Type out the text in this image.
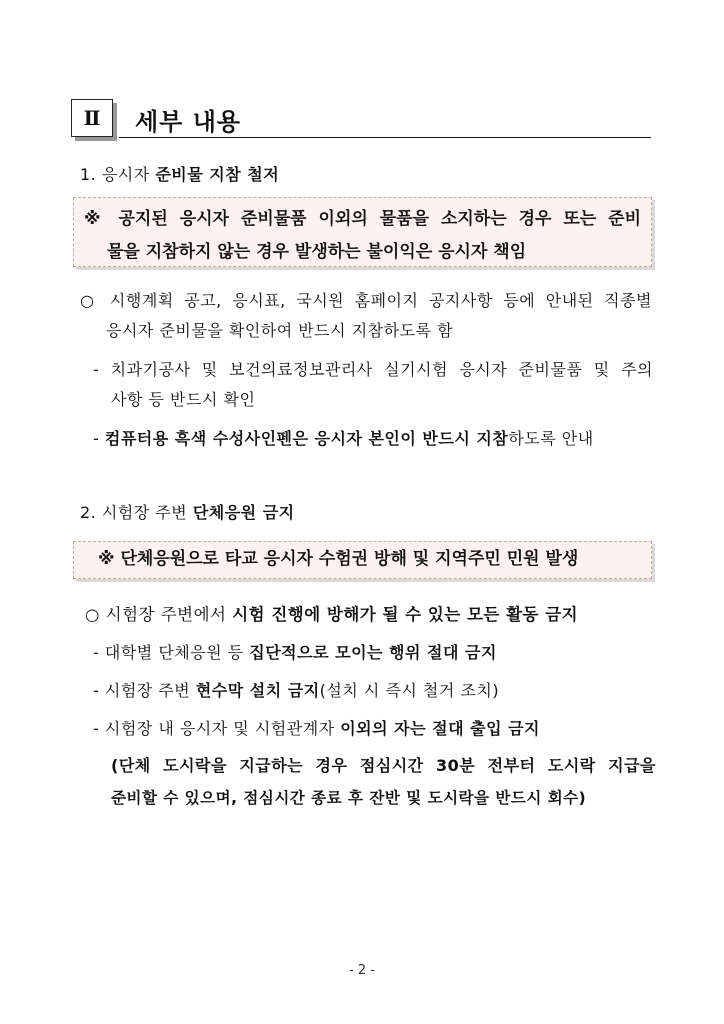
Ⅱ 세부 내용
1. 응시자 준비물 지참 철저
※ 공지된 응시자 준비물품 이외의 물품을 소지하는 경우 또는 준비
물을 지참하지 않는 경우 발생하는 불이익은 응시자 책임
○ 시행계획 공고, 응시표, 국시원 홈페이지 공지사항 등에 안내된 직종별
응시자 준비물을 확인하여 반드시 지참하도록 함
- 치과기공사 및 보건의료정보관리사 실기시험 응시자 준비물품 및 주의
사항 등 반드시 확인
- 컴퓨터용 흑색 수성사인펜은 응시자 본인이 반드시 지참하도록 안내
2. 시험장 주변 단체응원 금지
※ 단체응원으로 타교 응시자 수험권 방해 및 지역주민 민원 발생
○ 시험장 주변에서 시험 진행에 방해가 될 수 있는 모든 활동 금지
- 대학별 단체응원 등 집단적으로 모이는 행위 절대 금지
- 시험장 주변 현수막 설치 금지(설치 시 즉시 철거 조치)
- 시험장 내 응시자 및 시험관계자 이외의 자는 절대 출입 금지
(단체 도시락을 지급하는 경우 점심시간 30분 전부터 도시락 지급을
준비할 수 있으며, 점심시간 종료 후 잔반 및 도시락을 반드시 회수)
- 2 -
